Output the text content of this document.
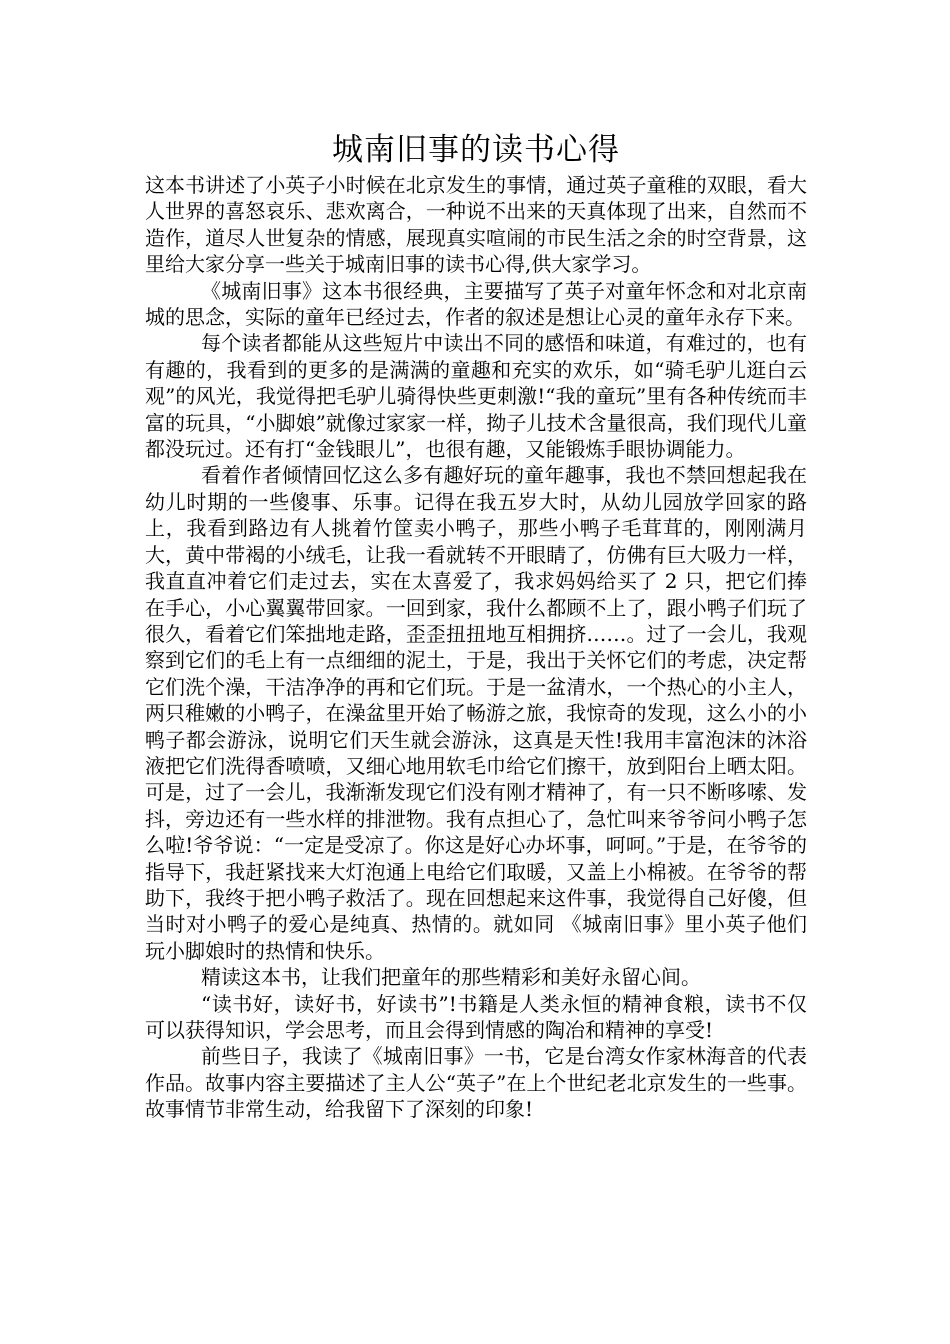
城南旧事的读书心得

这本书讲述了小英子小时候在北京发生的事情，通过英子童稚的双眼，看大人世界的喜怒哀乐、悲欢离合，一种说不出来的天真体现了出来，自然而不造作，道尽人世复杂的情感，展现真实喧闹的市民生活之余的时空背景，这里给大家分享一些关于城南旧事的读书心得,供大家学习。

《城南旧事》这本书很经典，主要描写了英子对童年怀念和对北京南城的思念，实际的童年已经过去，作者的叙述是想让心灵的童年永存下来。

每个读者都能从这些短片中读出不同的感悟和味道，有难过的，也有有趣的，我看到的更多的是满满的童趣和充实的欢乐，如“骑毛驴儿逛白云观”的风光，我觉得把毛驴儿骑得快些更刺激!“我的童玩”里有各种传统而丰富的玩具，“小脚娘”就像过家家一样，拗子儿技术含量很高，我们现代儿童都没玩过。还有打“金钱眼儿”，也很有趣，又能锻炼手眼协调能力。

看着作者倾情回忆这么多有趣好玩的童年趣事，我也不禁回想起我在幼儿时期的一些傻事、乐事。记得在我五岁大时，从幼儿园放学回家的路上，我看到路边有人挑着竹筐卖小鸭子，那些小鸭子毛茸茸的，刚刚满月大，黄中带褐的小绒毛，让我一看就转不开眼睛了，仿佛有巨大吸力一样，我直直冲着它们走过去，实在太喜爱了，我求妈妈给买了 2 只，把它们捧在手心，小心翼翼带回家。一回到家，我什么都顾不上了，跟小鸭子们玩了很久，看着它们笨拙地走路，歪歪扭扭地互相拥挤……。过了一会儿，我观察到它们的毛上有一点细细的泥土，于是，我出于关怀它们的考虑，决定帮它们洗个澡，干洁净净的再和它们玩。于是一盆清水，一个热心的小主人，两只稚嫩的小鸭子，在澡盆里开始了畅游之旅，我惊奇的发现，这么小的小鸭子都会游泳，说明它们天生就会游泳，这真是天性!我用丰富泡沫的沐浴液把它们洗得香喷喷，又细心地用软毛巾给它们擦干，放到阳台上晒太阳。可是，过了一会儿，我渐渐发现它们没有刚才精神了，有一只不断哆嗦、发抖，旁边还有一些水样的排泄物。我有点担心了，急忙叫来爷爷问小鸭子怎么啦!爷爷说：“一定是受凉了。你这是好心办坏事，呵呵。”于是，在爷爷的指导下，我赶紧找来大灯泡通上电给它们取暖，又盖上小棉被。在爷爷的帮助下，我终于把小鸭子救活了。现在回想起来这件事，我觉得自己好傻，但当时对小鸭子的爱心是纯真、热情的。就如同 《城南旧事》里小英子他们玩小脚娘时的热情和快乐。

精读这本书，让我们把童年的那些精彩和美好永留心间。

“读书好，读好书，好读书”!书籍是人类永恒的精神食粮，读书不仅可以获得知识，学会思考，而且会得到情感的陶冶和精神的享受!

前些日子，我读了《城南旧事》一书，它是台湾女作家林海音的代表作品。故事内容主要描述了主人公“英子”在上个世纪老北京发生的一些事。故事情节非常生动，给我留下了深刻的印象!
